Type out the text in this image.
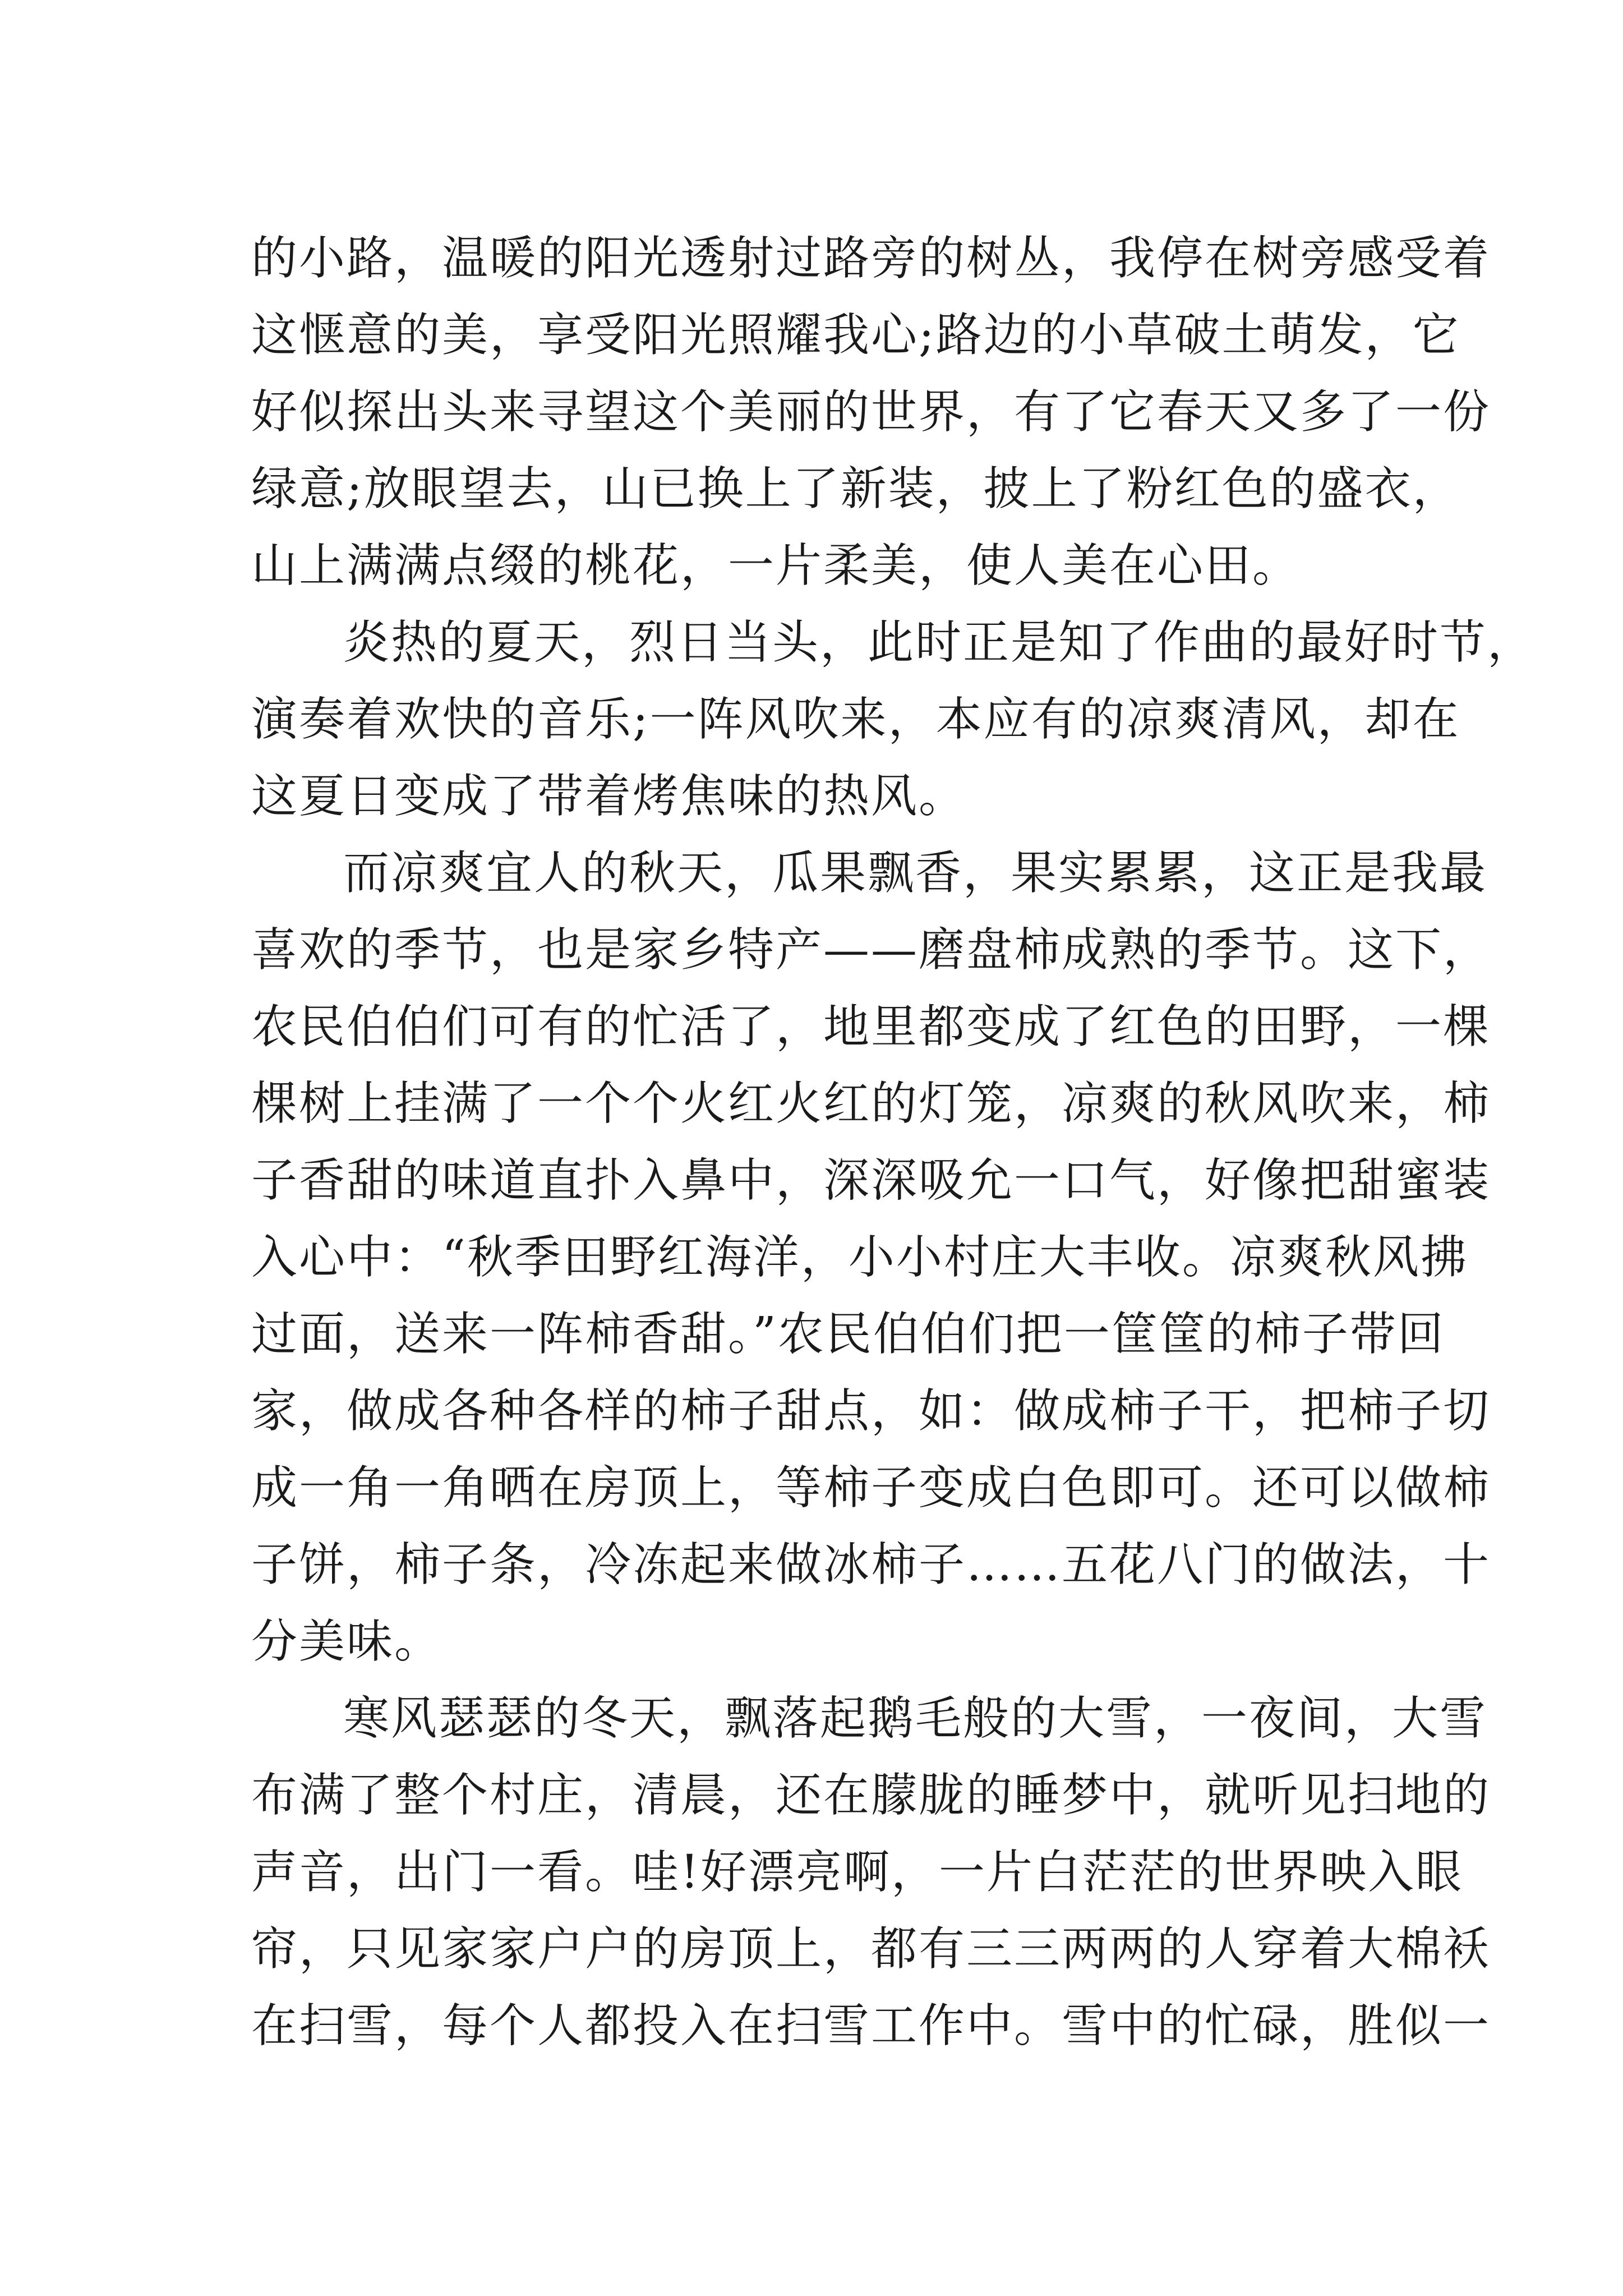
的小路，温暖的阳光透射过路旁的树丛，我停在树旁感受着
这惬意的美，享受阳光照耀我心;路边的小草破土萌发，它
好似探出头来寻望这个美丽的世界，有了它春天又多了一份
绿意;放眼望去，山已换上了新装，披上了粉红色的盛衣，
山上满满点缀的桃花，一片柔美，使人美在心田。
炎热的夏天，烈日当头，此时正是知了作曲的最好时节，
演奏着欢快的音乐;一阵风吹来，本应有的凉爽清风，却在
这夏日变成了带着烤焦味的热风。
而凉爽宜人的秋天，瓜果飘香，果实累累，这正是我最
喜欢的季节，也是家乡特产——磨盘柿成熟的季节。这下，
农民伯伯们可有的忙活了，地里都变成了红色的田野，一棵
棵树上挂满了一个个火红火红的灯笼，凉爽的秋风吹来，柿
子香甜的味道直扑入鼻中，深深吸允一口气，好像把甜蜜装
入心中：“秋季田野红海洋，小小村庄大丰收。凉爽秋风拂
过面，送来一阵柿香甜。”农民伯伯们把一筐筐的柿子带回
家，做成各种各样的柿子甜点，如：做成柿子干，把柿子切
成一角一角晒在房顶上，等柿子变成白色即可。还可以做柿
子饼，柿子条，冷冻起来做冰柿子……五花八门的做法，十
分美味。
寒风瑟瑟的冬天，飘落起鹅毛般的大雪，一夜间，大雪
布满了整个村庄，清晨，还在朦胧的睡梦中，就听见扫地的
声音，出门一看。哇!好漂亮啊，一片白茫茫的世界映入眼
帘，只见家家户户的房顶上，都有三三两两的人穿着大棉袄
在扫雪，每个人都投入在扫雪工作中。雪中的忙碌，胜似一
